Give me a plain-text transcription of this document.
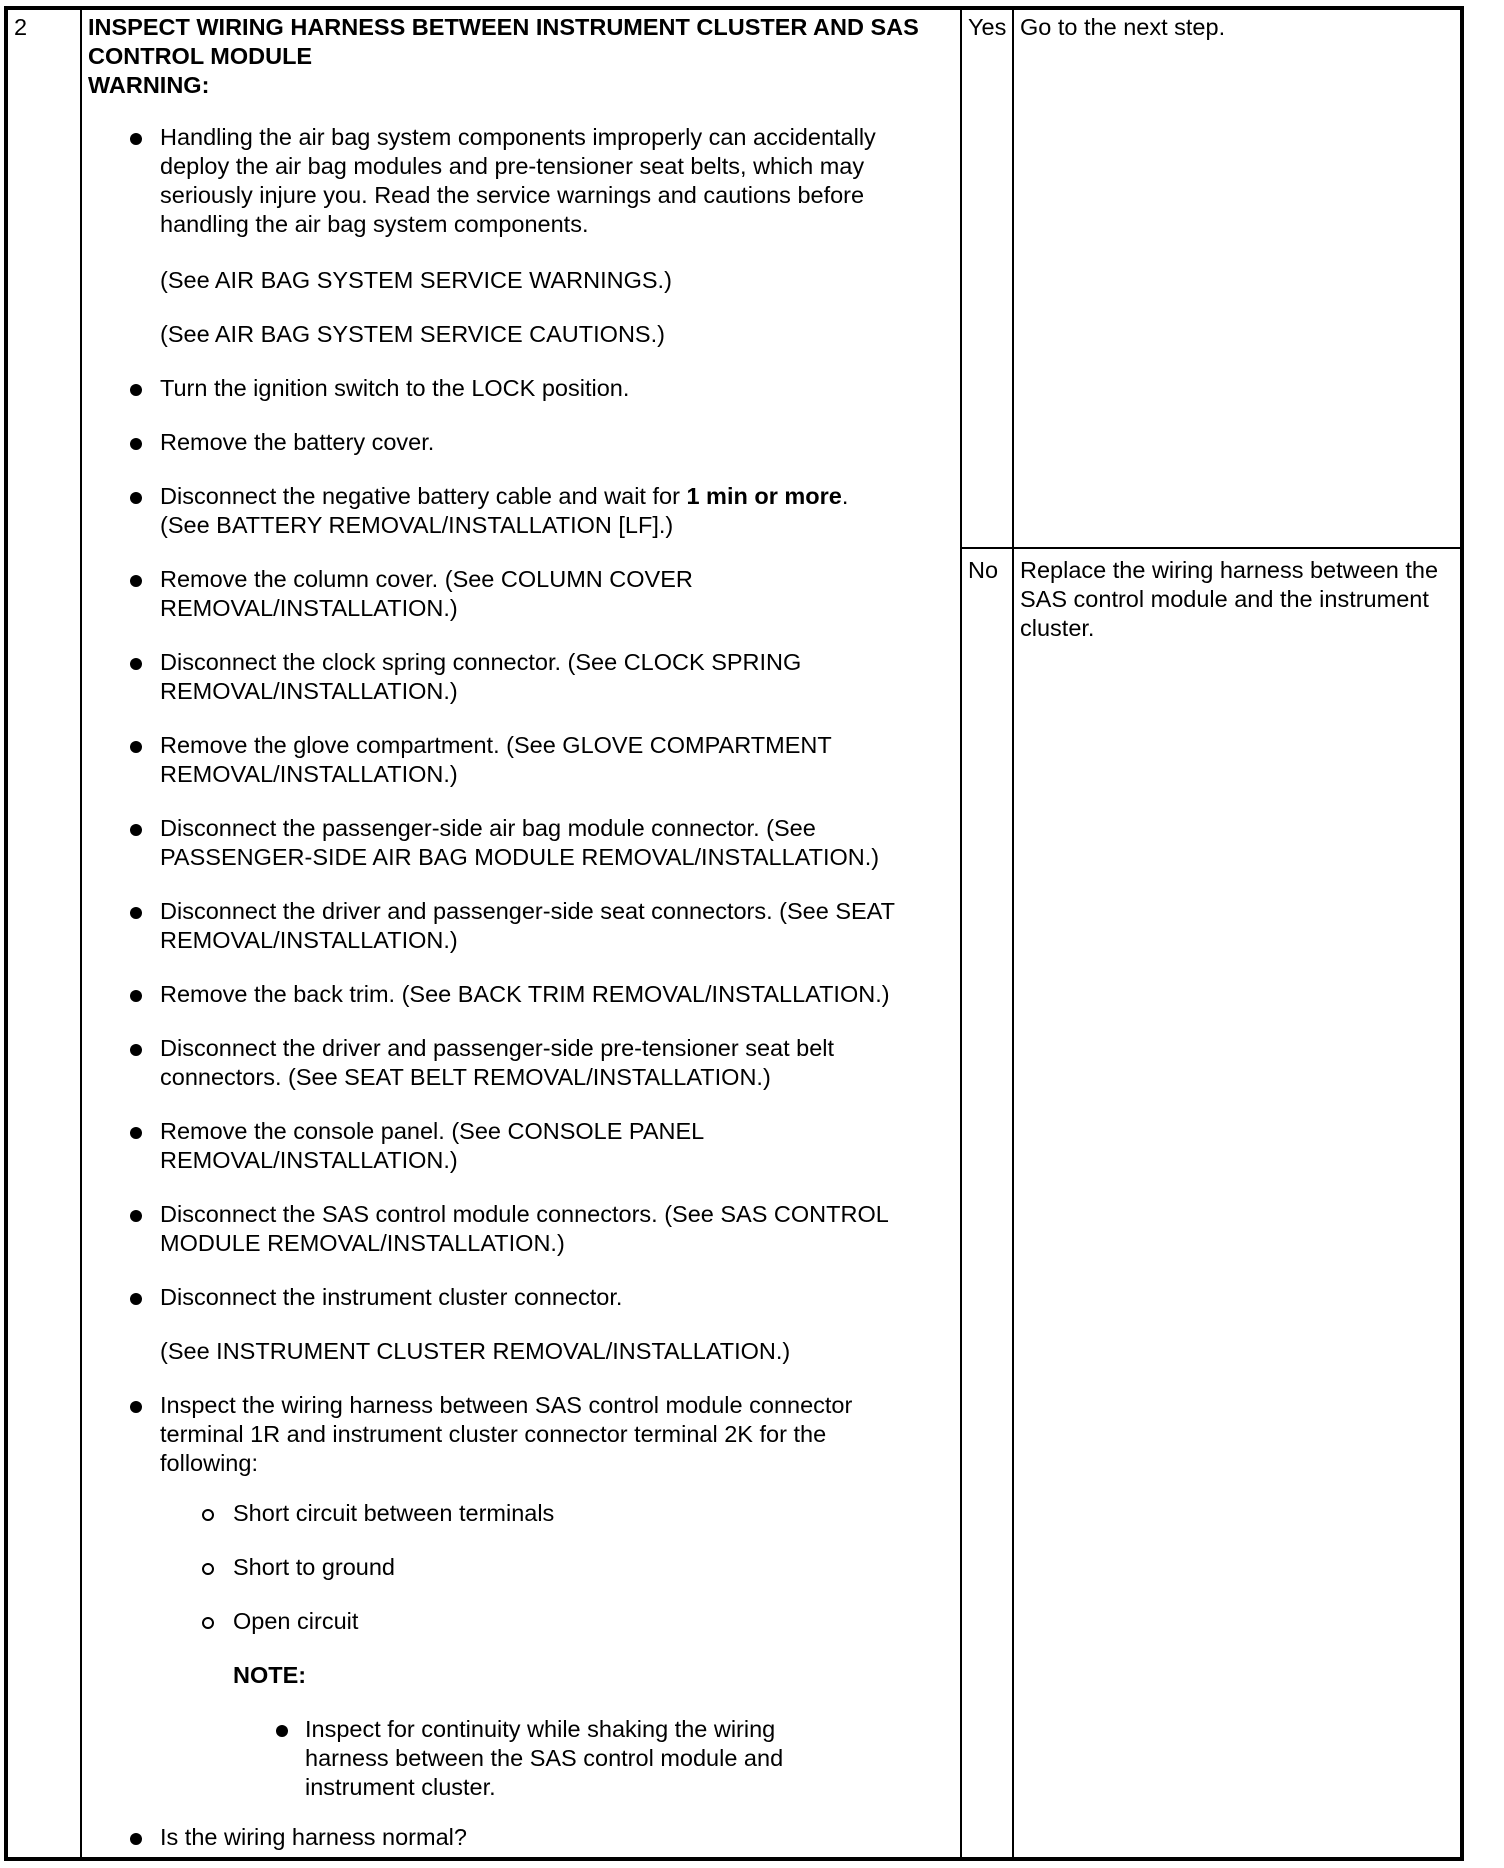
2	INSPECT WIRING HARNESS BETWEEN INSTRUMENT CLUSTER AND SAS
CONTROL MODULE
WARNING:
Handling the air bag system components improperly can accidentally
deploy the air bag modules and pre-tensioner seat belts, which may
seriously injure you. Read the service warnings and cautions before
handling the air bag system components.
(See AIR BAG SYSTEM SERVICE WARNINGS.)
(See AIR BAG SYSTEM SERVICE CAUTIONS.)
Turn the ignition switch to the LOCK position.
Remove the battery cover.
Disconnect the negative battery cable and wait for 1 min or more.
(See BATTERY REMOVAL/INSTALLATION [LF].)
Remove the column cover. (See COLUMN COVER
REMOVAL/INSTALLATION.)
Disconnect the clock spring connector. (See CLOCK SPRING
REMOVAL/INSTALLATION.)
Remove the glove compartment. (See GLOVE COMPARTMENT
REMOVAL/INSTALLATION.)
Disconnect the passenger-side air bag module connector. (See
PASSENGER-SIDE AIR BAG MODULE REMOVAL/INSTALLATION.)
Disconnect the driver and passenger-side seat connectors. (See SEAT
REMOVAL/INSTALLATION.)
Remove the back trim. (See BACK TRIM REMOVAL/INSTALLATION.)
Disconnect the driver and passenger-side pre-tensioner seat belt
connectors. (See SEAT BELT REMOVAL/INSTALLATION.)
Remove the console panel. (See CONSOLE PANEL
REMOVAL/INSTALLATION.)
Disconnect the SAS control module connectors. (See SAS CONTROL
MODULE REMOVAL/INSTALLATION.)
Disconnect the instrument cluster connector.
(See INSTRUMENT CLUSTER REMOVAL/INSTALLATION.)
Inspect the wiring harness between SAS control module connector
terminal 1R and instrument cluster connector terminal 2K for the
following:
Short circuit between terminals
Short to ground
Open circuit
NOTE:
Inspect for continuity while shaking the wiring
harness between the SAS control module and
instrument cluster.
Is the wiring harness normal?
Yes Go to the next step.
No Replace the wiring harness between the
SAS control module and the instrument
cluster.
